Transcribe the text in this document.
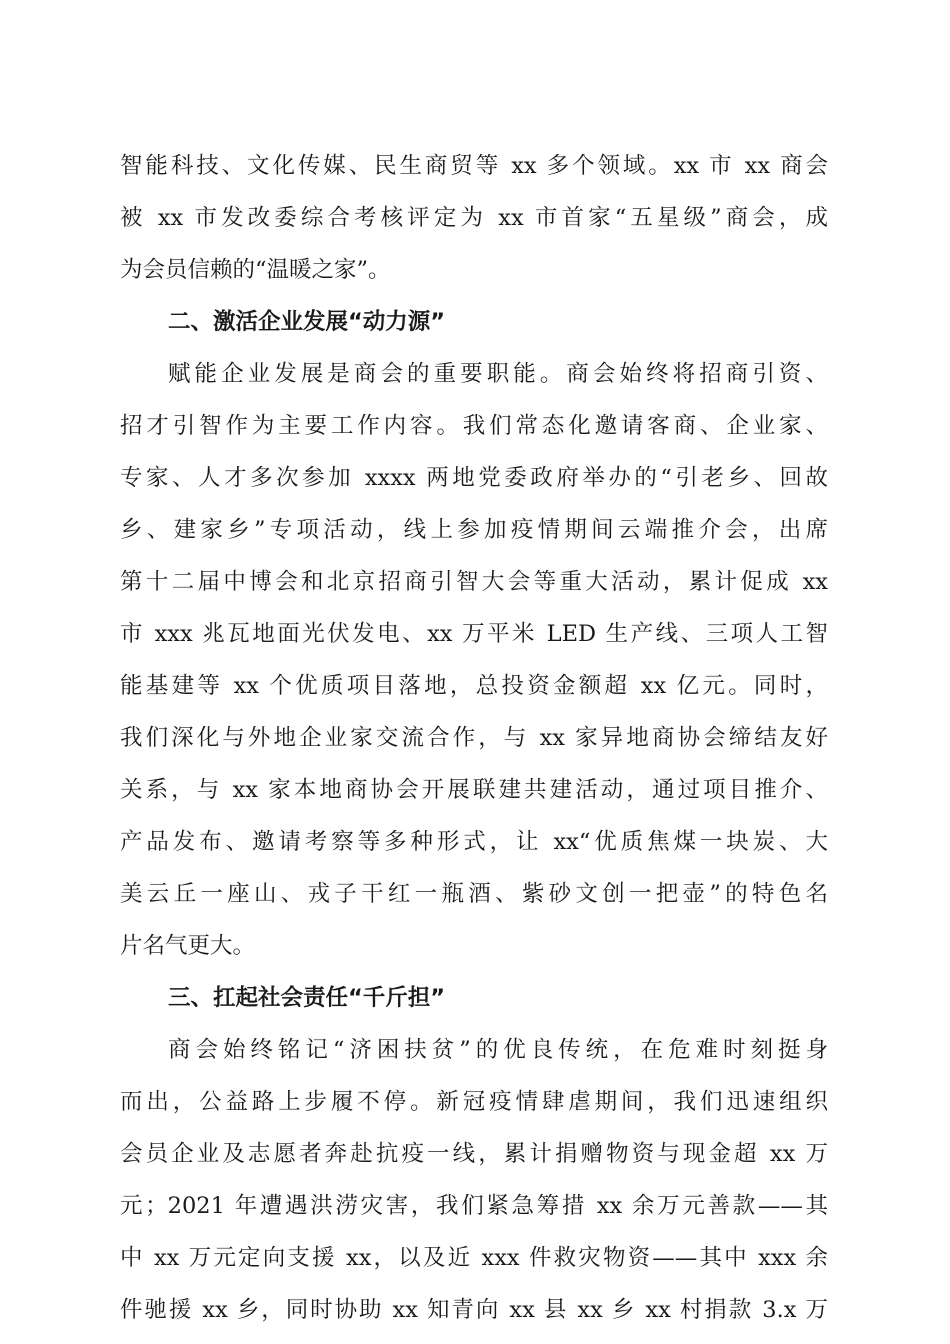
智能科技、文化传媒、民生商贸等 xx 多个领域。xx 市 xx 商会
被 xx 市发改委综合考核评定为 xx 市首家“五星级”商会，成
为会员信赖的“温暖之家”。
二、激活企业发展“动力源”
赋能企业发展是商会的重要职能。商会始终将招商引资、
招才引智作为主要工作内容。我们常态化邀请客商、企业家、
专家、人才多次参加 xxxx 两地党委政府举办的“引老乡、回故
乡、建家乡”专项活动，线上参加疫情期间云端推介会，出席
第十二届中博会和北京招商引智大会等重大活动，累计促成 xx
市 xxx 兆瓦地面光伏发电、xx 万平米 LED 生产线、三项人工智
能基建等 xx 个优质项目落地，总投资金额超 xx 亿元。同时，
我们深化与外地企业家交流合作，与 xx 家异地商协会缔结友好
关系，与 xx 家本地商协会开展联建共建活动，通过项目推介、
产品发布、邀请考察等多种形式，让 xx“优质焦煤一块炭、大
美云丘一座山、戎子干红一瓶酒、紫砂文创一把壶”的特色名
片名气更大。
三、扛起社会责任“千斤担”
商会始终铭记“济困扶贫”的优良传统，在危难时刻挺身
而出，公益路上步履不停。新冠疫情肆虐期间，我们迅速组织
会员企业及志愿者奔赴抗疫一线，累计捐赠物资与现金超 xx 万
元；2021 年遭遇洪涝灾害，我们紧急筹措 xx 余万元善款——其
中 xx 万元定向支援 xx，以及近 xxx 件救灾物资——其中 xxx 余
件驰援 xx 乡，同时协助 xx 知青向 xx 县 xx 乡 xx 村捐款 3.x 万
